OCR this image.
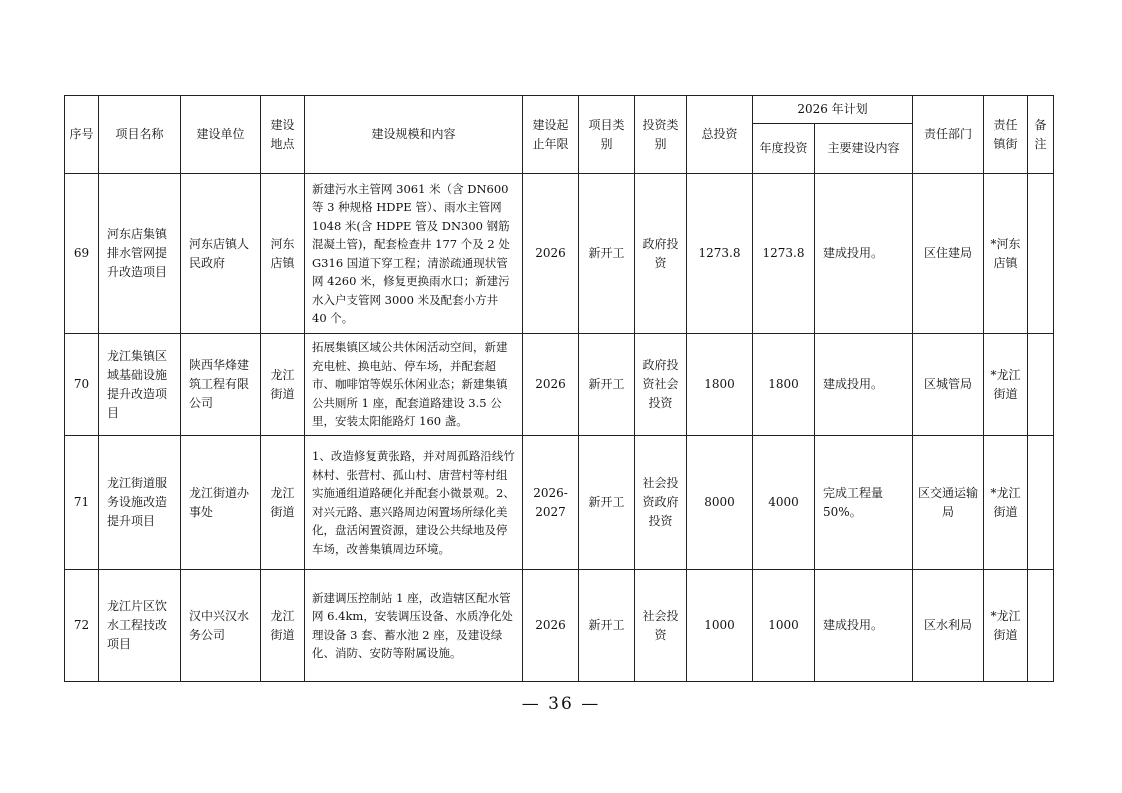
序号	项目名称	建设单位	建设地点	建设规模和内容	建设起止年限	项目类别	投资类别	总投资	2026 年计划		责任部门	责任镇街	备注
									年度投资	主要建设内容			
69	河东店集镇排水管网提升改造项目	河东店镇人民政府	河东店镇	新建污水主管网 3061 米（含 DN600 等 3 种规格 HDPE 管）、雨水主管网 1048 米(含 HDPE 管及 DN300 钢筋混凝土管)，配套检查井 177 个及 2 处 G316 国道下穿工程；清淤疏通现状管网 4260 米，修复更换雨水口；新建污水入户支管网 3000 米及配套小方井 40 个。	2026	新开工	政府投资	1273.8	1273.8	建成投用。	区住建局	*河东店镇	
70	龙江集镇区域基础设施提升改造项目	陕西华烽建筑工程有限公司	龙江街道	拓展集镇区域公共休闲活动空间，新建充电桩、换电站、停车场，并配套超市、咖啡馆等娱乐休闲业态；新建集镇公共厕所 1 座，配套道路建设 3.5 公里，安装太阳能路灯 160 盏。	2026	新开工	政府投资社会投资	1800	1800	建成投用。	区城管局	*龙江街道	
71	龙江街道服务设施改造提升项目	龙江街道办事处	龙江街道	1、改造修复黄张路，并对周孤路沿线竹林村、张营村、孤山村、唐营村等村组实施通组道路硬化并配套小微景观。2、对兴元路、惠兴路周边闲置场所绿化美化，盘活闲置资源，建设公共绿地及停车场，改善集镇周边环境。	2026-2027	新开工	社会投资政府投资	8000	4000	完成工程量 50%。	区交通运输局	*龙江街道	
72	龙江片区饮水工程技改项目	汉中兴汉水务公司	龙江街道	新建调压控制站 1 座，改造辖区配水管网 6.4km，安装调压设备、水质净化处理设备 3 套、蓄水池 2 座，及建设绿化、消防、安防等附属设施。	2026	新开工	社会投资	1000	1000	建成投用。	区水利局	*龙江街道	
— 36 —
